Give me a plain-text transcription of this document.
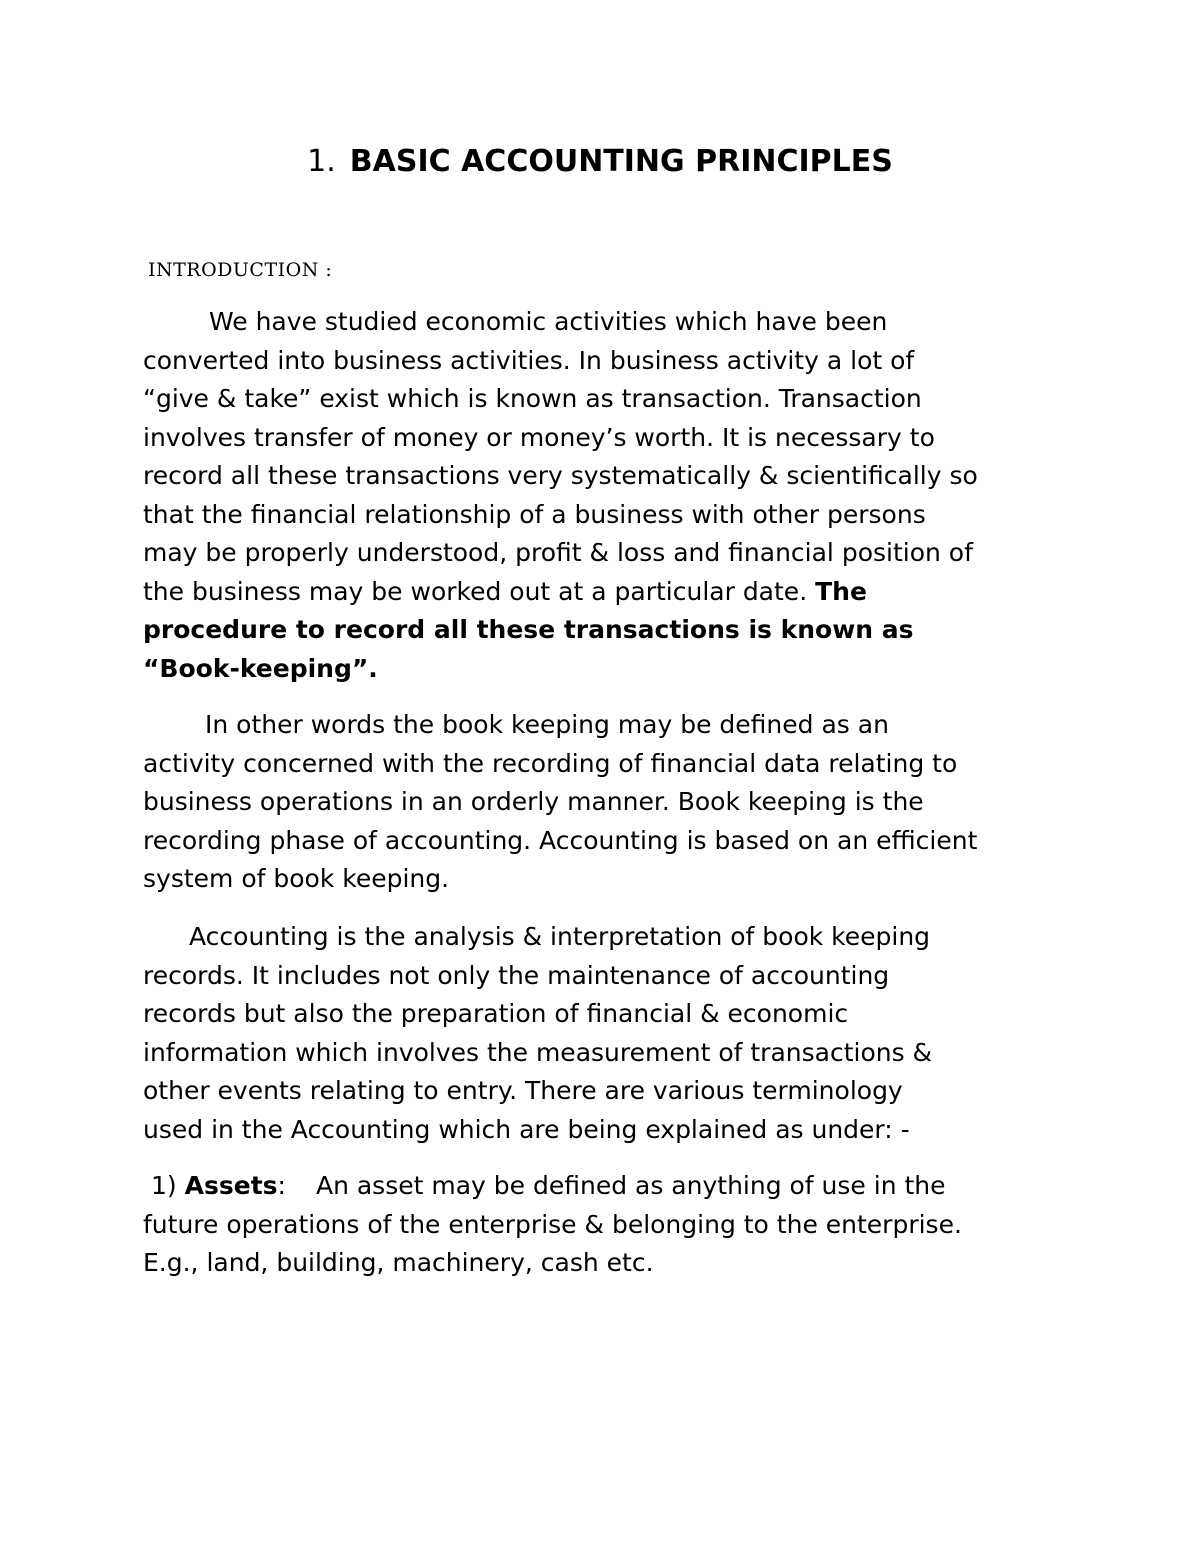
1. BASIC ACCOUNTING PRINCIPLES
INTRODUCTION :
We have studied economic activities which have been
converted into business activities. In business activity a lot of
“give & take” exist which is known as transaction. Transaction
involves transfer of money or money’s worth. It is necessary to
record all these transactions very systematically & scientifically so
that the financial relationship of a business with other persons
may be properly understood, profit & loss and financial position of
the business may be worked out at a particular date. The
procedure to record all these transactions is known as
“Book-keeping”.
In other words the book keeping may be defined as an
activity concerned with the recording of financial data relating to
business operations in an orderly manner. Book keeping is the
recording phase of accounting. Accounting is based on an efficient
system of book keeping.
Accounting is the analysis & interpretation of book keeping
records. It includes not only the maintenance of accounting
records but also the preparation of financial & economic
information which involves the measurement of transactions &
other events relating to entry. There are various terminology
used in the Accounting which are being explained as under: -
1) Assets: An asset may be defined as anything of use in the
future operations of the enterprise & belonging to the enterprise.
E.g., land, building, machinery, cash etc.
